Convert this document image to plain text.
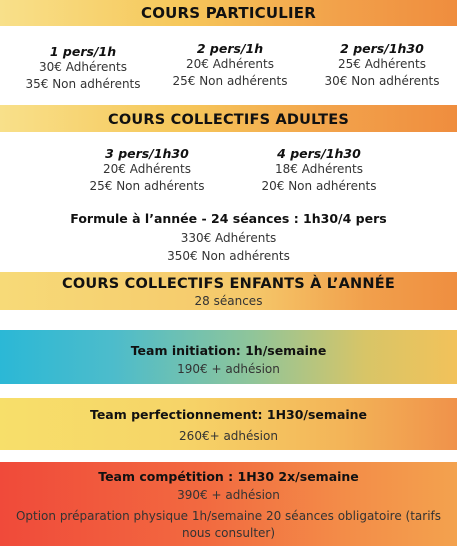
COURS PARTICULIER
1 pers/1h
30€ Adhérents
35€ Non adhérents
2 pers/1h
20€ Adhérents
25€ Non adhérents
2 pers/1h30
25€ Adhérents
30€ Non adhérents
COURS COLLECTIFS ADULTES
3 pers/1h30
20€ Adhérents
25€ Non adhérents
4 pers/1h30
18€ Adhérents
20€ Non adhérents
Formule à l’année - 24 séances : 1h30/4 pers
330€ Adhérents
350€ Non adhérents
COURS COLLECTIFS ENFANTS À L’ANNÉE
28 séances
Team initiation: 1h/semaine
190€ + adhésion
Team perfectionnement: 1H30/semaine
260€+ adhésion
Team compétition : 1H30 2x/semaine
390€ + adhésion
Option préparation physique 1h/semaine 20 séances obligatoire (tarifs
nous consulter)
